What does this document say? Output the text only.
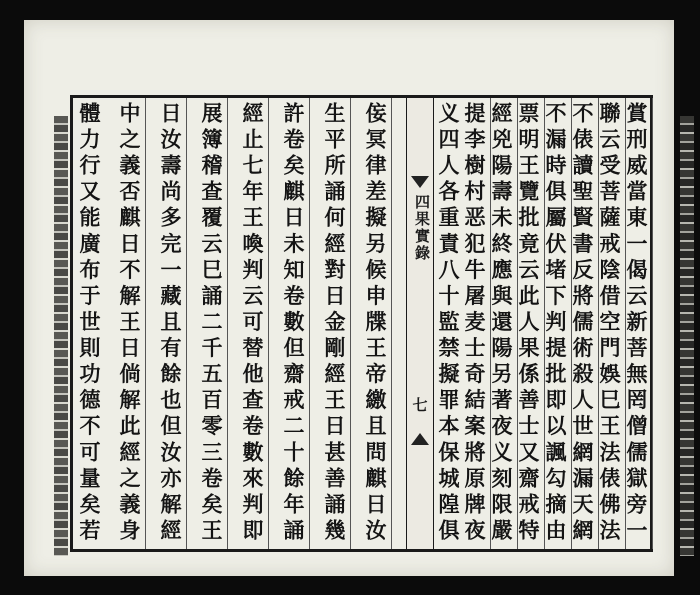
體力行又能廣布于世則功德不可量矣若 中之義否麒日不解王日倘解此經之義身 日汝壽尚多完一藏且有餘也但汝亦解經 展簿稽查覆云巳誦二千五百零三卷矣王 經止七年王喚判云可替他查卷數來判即 許卷矣麒日未知卷數但齋戒二十餘年誦 生平所誦何經對日金剛經王日甚善誦幾 侫冥律差擬另候申牒王帝繳且問麒日汝	四果實錄
七 义四人各重責八十監禁擬罪本保城隍俱 提李樹村恶犯牛屠麦士奇結案將原牌夜 經兇陽壽未終應與還陽另著夜义刻限嚴 票明王覽批竟云此人果係善士又齋戒特 不漏時俱屬伏堵下判提批即以諷勾摘由 不俵讀聖賢書反將儒術殺人世網漏天網 聯云受菩薩戒陰借空門娛巳王法俵佛法 賞刑威當東一偈云新菩無罔僧儒獄旁一
